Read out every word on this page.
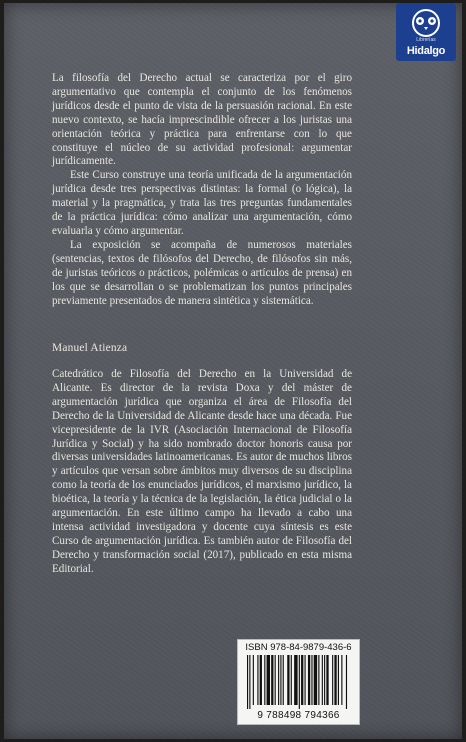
Librerías
Hidalgo

La filosofía del Derecho actual se caracteriza por el giro argumentativo que contempla el conjunto de los fenómenos jurídicos desde el punto de vista de la persuasión racional. En este nuevo contexto, se hacía imprescindible ofrecer a los juristas una orientación teórica y práctica para enfrentarse con lo que constituye el núcleo de su actividad profesional: argumentar jurídicamente.

Este Curso construye una teoría unificada de la argumentación jurídica desde tres perspectivas distintas: la formal (o lógica), la material y la pragmática, y trata las tres preguntas fundamentales de la práctica jurídica: cómo analizar una argumentación, cómo evaluarla y cómo argumentar.

La exposición se acompaña de numerosos materiales (sentencias, textos de filósofos del Derecho, de filósofos sin más, de juristas teóricos o prácticos, polémicas o artículos de prensa) en los que se desarrollan o se problematizan los puntos principales previamente presentados de manera sintética y sistemática.

Manuel Atienza

Catedrático de Filosofía del Derecho en la Universidad de Alicante. Es director de la revista Doxa y del máster de argumentación jurídica que organiza el área de Filosofía del Derecho de la Universidad de Alicante desde hace una década. Fue vicepresidente de la IVR (Asociación Internacional de Filosofía Jurídica y Social) y ha sido nombrado doctor honoris causa por diversas universidades latinoamericanas. Es autor de muchos libros y artículos que versan sobre ámbitos muy diversos de su disciplina como la teoría de los enunciados jurídicos, el marxismo jurídico, la bioética, la teoría y la técnica de la legislación, la ética judicial o la argumentación. En este último campo ha llevado a cabo una intensa actividad investigadora y docente cuya síntesis es este Curso de argumentación jurídica. Es también autor de Filosofía del Derecho y transformación social (2017), publicado en esta misma Editorial.

ISBN 978-84-9879-436-6
9 788498 794366
